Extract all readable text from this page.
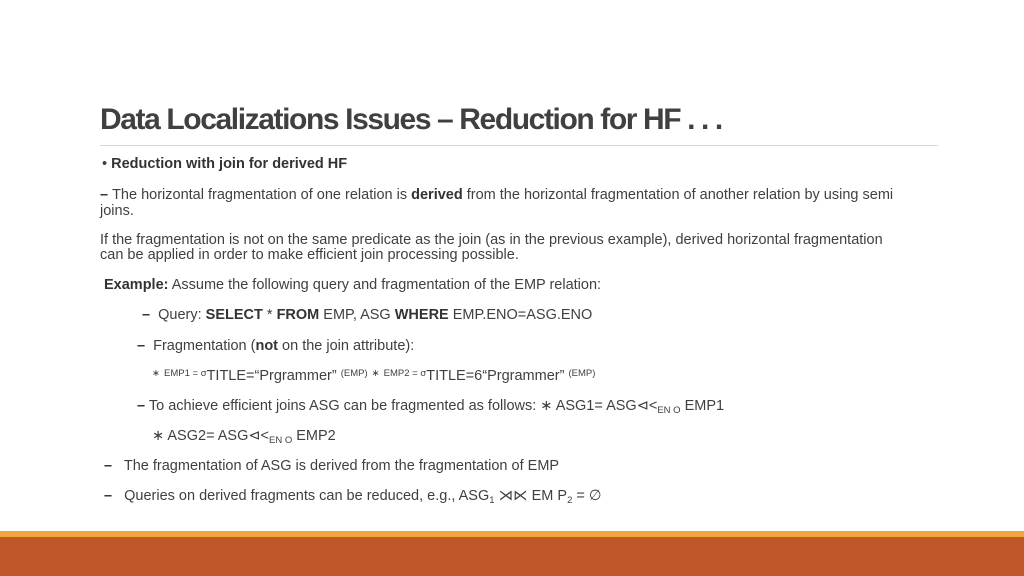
Data Localizations Issues – Reduction for HF . . .
• Reduction with join for derived HF
– The horizontal fragmentation of one relation is derived from the horizontal fragmentation of another relation by using semi
joins.
If the fragmentation is not on the same predicate as the join (as in the previous example), derived horizontal fragmentation
can be applied in order to make efficient join processing possible.
Example: Assume the following query and fragmentation of the EMP relation:
– Query: SELECT * FROM EMP, ASG WHERE EMP.ENO=ASG.ENO
– Fragmentation (not on the join attribute):
∗ $^{EMP1 = \sigma}$TITLE=“Prgrammer” $^{(EMP)}$ ∗ $^{EMP2 = \sigma}$TITLE=6“Prgrammer” $^{(EMP)}$
– To achieve efficient joins ASG can be fragmented as follows: ∗ $ASG1= ASG⊲<_{EN O}$ EMP1
∗ $ASG2= ASG⊲<_{EN O}$ EMP2
– The fragmentation of ASG is derived from the fragmentation of EMP
– Queries on derived fragments can be reduced, e.g., $ASG_1$ ⋊⋉ EM $P_2$ = ∅
